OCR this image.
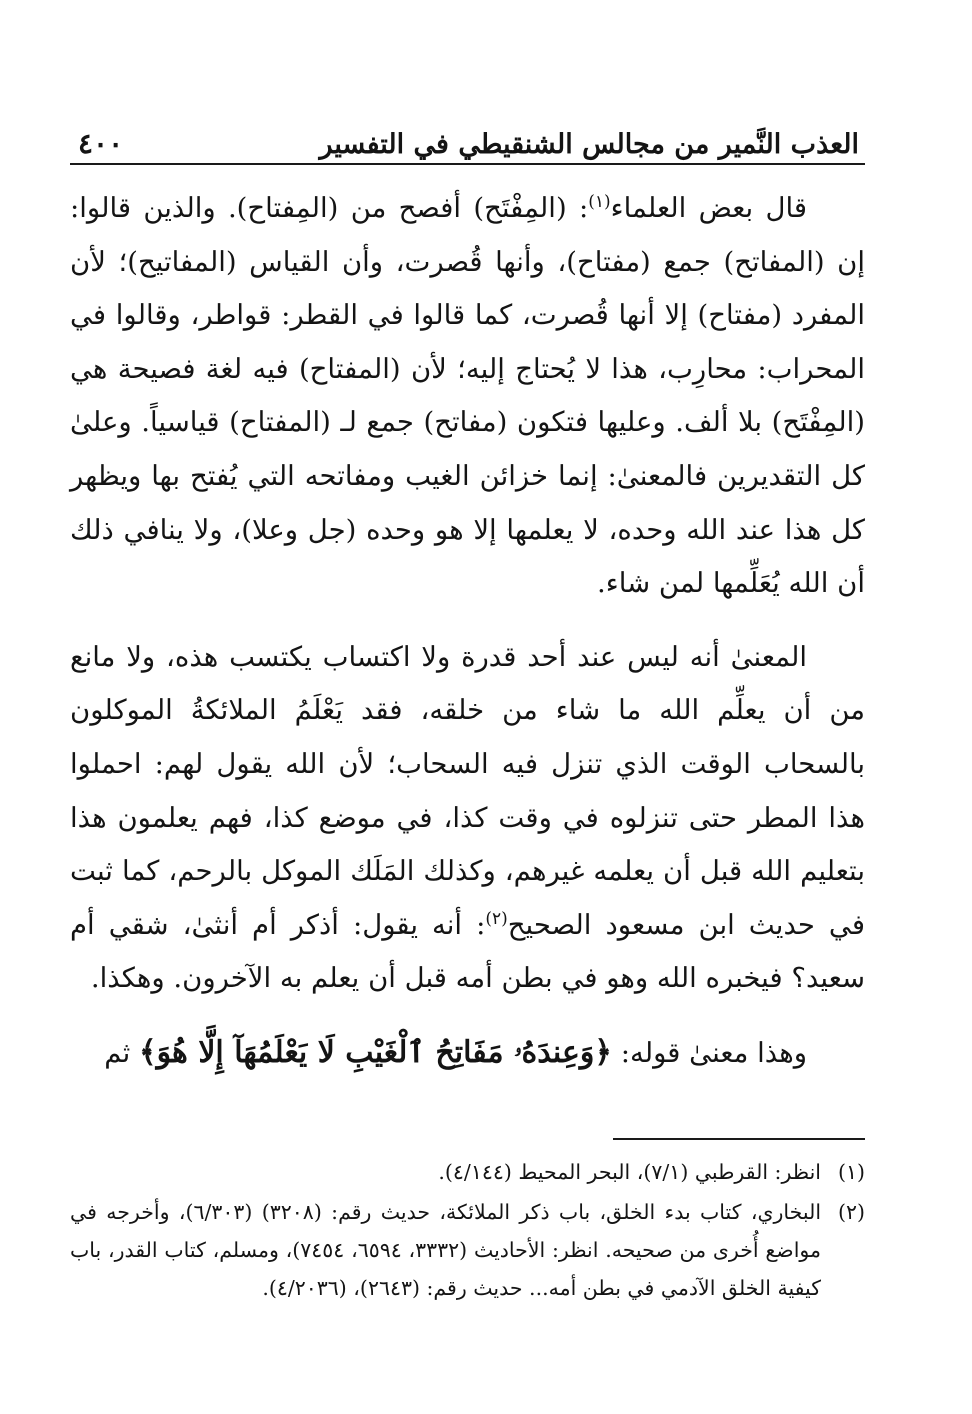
العذب النَّمير من مجالس الشنقيطي في التفسير
٤٠٠

قال بعض العلماء$^{(١)}$: (المِفْتَح) أفصح من (المِفتاح). والذين قالوا: إن (المفاتح) جمع (مفتاح)، وأنها قُصرت، وأن القياس (المفاتيح)؛ لأن المفرد (مفتاح) إلا أنها قُصرت، كما قالوا في القطر: قواطر، وقالوا في المحراب: محارِب، هذا لا يُحتاج إليه؛ لأن (المفتاح) فيه لغة فصيحة هي (المِفْتَح) بلا ألف. وعليها فتكون (مفاتح) جمع لـ (المفتاح) قياسياً. وعلىٰ كل التقديرين فالمعنىٰ: إنما خزائن الغيب ومفاتحه التي يُفتح بها ويظهر كل هذا عند الله وحده، لا يعلمها إلا هو وحده (جل وعلا)، ولا ينافي ذلك أن الله يُعَلِّمها لمن شاء.

المعنىٰ أنه ليس عند أحد قدرة ولا اكتساب يكتسب هذه، ولا مانع من أن يعلِّم الله ما شاء من خلقه، فقد يَعْلَمُ الملائكةُ الموكلون بالسحاب الوقت الذي تنزل فيه السحاب؛ لأن الله يقول لهم: احملوا هذا المطر حتى تنزلوه في وقت كذا، في موضع كذا، فهم يعلمون هذا بتعليم الله قبل أن يعلمه غيرهم، وكذلك المَلَك الموكل بالرحم، كما ثبت في حديث ابن مسعود الصحيح$^{(٢)}$: أنه يقول: أذكر أم أنثىٰ، شقي أم سعيد؟ فيخبره الله وهو في بطن أمه قبل أن يعلم به الآخرون. وهكذا.

وهذا معنىٰ قوله: ﴿وَعِندَهُۥ مَفَاتِحُ ٱلْغَيْبِ لَا يَعْلَمُهَآ إِلَّا هُوَ﴾ ثم

(١)
انظر: القرطبي (٧/١)، البحر المحيط (٤/١٤٤).
(٢)
البخاري، كتاب بدء الخلق، باب ذكر الملائكة، حديث رقم: (٣٢٠٨) (٦/٣٠٣)، وأخرجه في مواضع أُخرى من صحيحه. انظر: الأحاديث (٣٣٣٢، ٦٥٩٤، ٧٤٥٤)، ومسلم، كتاب القدر، باب كيفية الخلق الآدمي في بطن أمه... حديث رقم: (٢٦٤٣)، (٤/٢٠٣٦).
